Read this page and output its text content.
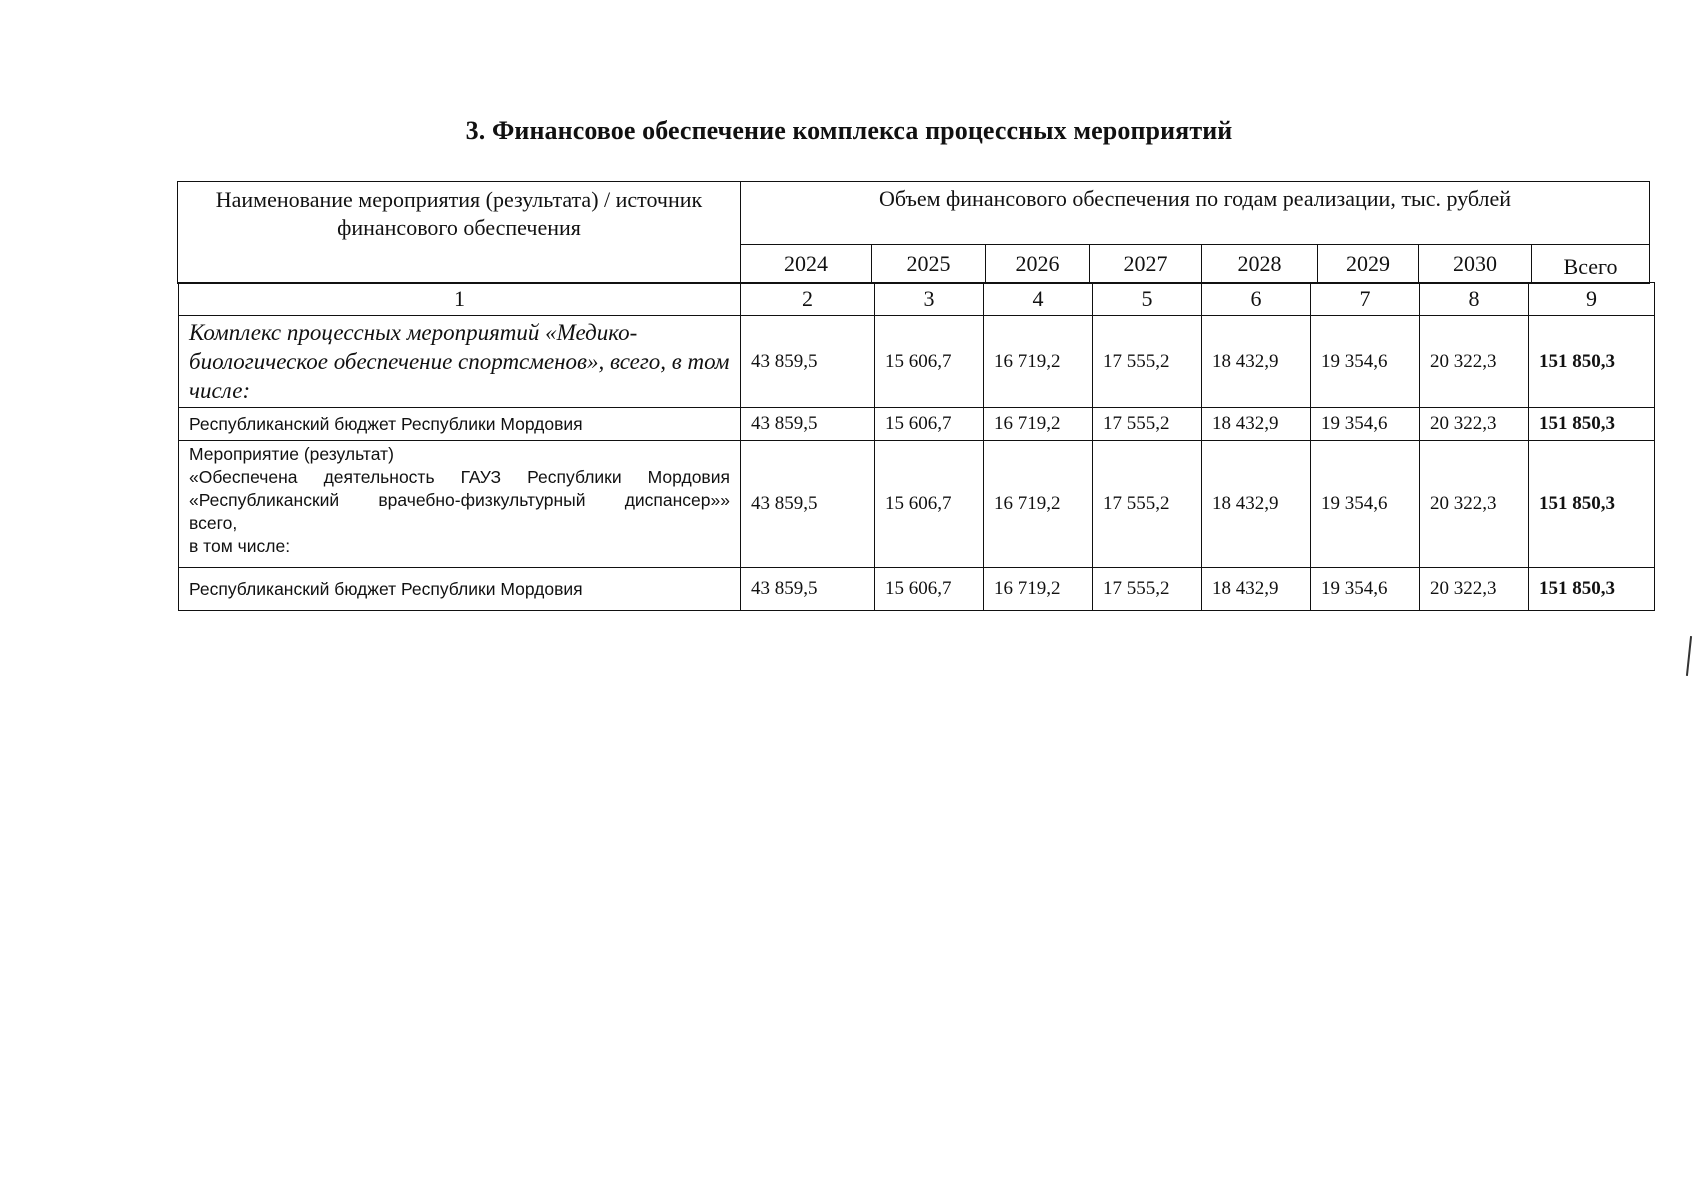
3. Финансовое обеспечение комплекса процессных мероприятий
Наименование мероприятия (результата) / источник финансового обеспечения	Объем финансового обеспечения по годам реализации, тыс. рублей							
	2024	2025	2026	2027	2028	2029	2030	Всего
1	2	3	4	5	6	7	8	9
Комплекс процессных мероприятий «Медико-биологическое обеспечение спортсменов», всего, в том числе:	43 859,5	15 606,7	16 719,2	17 555,2	18 432,9	19 354,6	20 322,3	151 850,3
Республиканский бюджет Республики Мордовия	43 859,5	15 606,7	16 719,2	17 555,2	18 432,9	19 354,6	20 322,3	151 850,3

Мероприятие (результат)
«Обеспечена деятельность ГАУЗ Республики Мордовия
«Республиканский врачебно-физкультурный диспансер»»
всего,
в том числе:	43 859,5	15 606,7	16 719,2	17 555,2	18 432,9	19 354,6	20 322,3	151 850,3
Республиканский бюджет Республики Мордовия	43 859,5	15 606,7	16 719,2	17 555,2	18 432,9	19 354,6	20 322,3	151 850,3
